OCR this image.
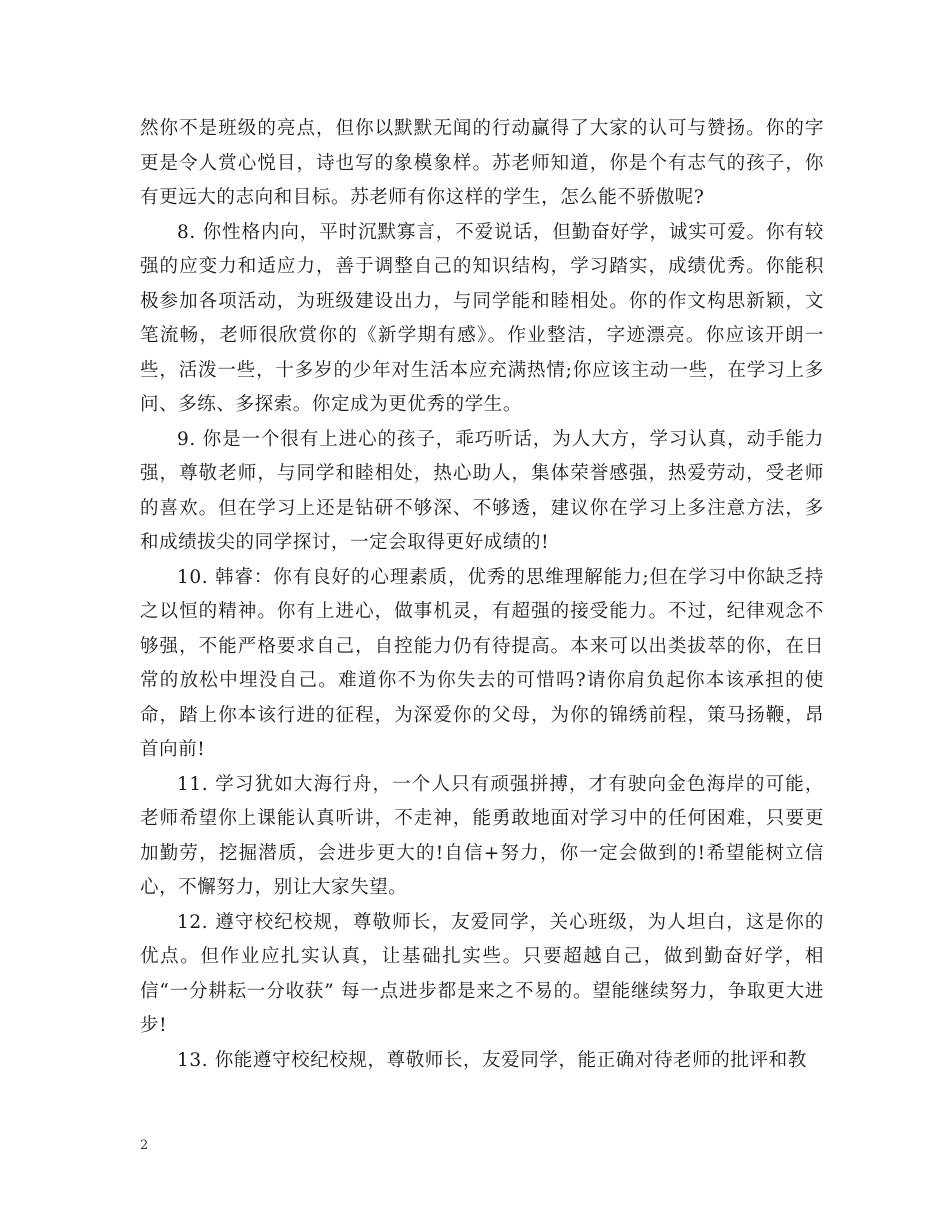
然你不是班级的亮点，但你以默默无闻的行动赢得了大家的认可与赞扬。你的字更是令人赏心悦目，诗也写的象模象样。苏老师知道，你是个有志气的孩子，你有更远大的志向和目标。苏老师有你这样的学生，怎么能不骄傲呢?

8. 你性格内向，平时沉默寡言，不爱说话，但勤奋好学，诚实可爱。你有较强的应变力和适应力，善于调整自己的知识结构，学习踏实，成绩优秀。你能积极参加各项活动，为班级建设出力，与同学能和睦相处。你的作文构思新颖，文笔流畅，老师很欣赏你的《新学期有感》。作业整洁，字迹漂亮。你应该开朗一些，活泼一些，十多岁的少年对生活本应充满热情;你应该主动一些，在学习上多问、多练、多探索。你定成为更优秀的学生。

9. 你是一个很有上进心的孩子，乖巧听话，为人大方，学习认真，动手能力强，尊敬老师，与同学和睦相处，热心助人，集体荣誉感强，热爱劳动，受老师的喜欢。但在学习上还是钻研不够深、不够透，建议你在学习上多注意方法，多和成绩拔尖的同学探讨，一定会取得更好成绩的!

10. 韩睿：你有良好的心理素质，优秀的思维理解能力;但在学习中你缺乏持之以恒的精神。你有上进心，做事机灵，有超强的接受能力。不过，纪律观念不够强，不能严格要求自己，自控能力仍有待提高。本来可以出类拔萃的你，在日常的放松中埋没自己。难道你不为你失去的可惜吗?请你肩负起你本该承担的使命，踏上你本该行进的征程，为深爱你的父母，为你的锦绣前程，策马扬鞭，昂首向前!

11. 学习犹如大海行舟，一个人只有顽强拼搏，才有驶向金色海岸的可能，老师希望你上课能认真听讲，不走神，能勇敢地面对学习中的任何困难，只要更加勤劳，挖掘潜质，会进步更大的!自信+努力，你一定会做到的!希望能树立信心，不懈努力，别让大家失望。

12. 遵守校纪校规，尊敬师长，友爱同学，关心班级，为人坦白，这是你的优点。但作业应扎实认真，让基础扎实些。只要超越自己，做到勤奋好学，相信“一分耕耘一分收获” 每一点进步都是来之不易的。望能继续努力，争取更大进步!

13. 你能遵守校纪校规，尊敬师长，友爱同学，能正确对待老师的批评和教

2
